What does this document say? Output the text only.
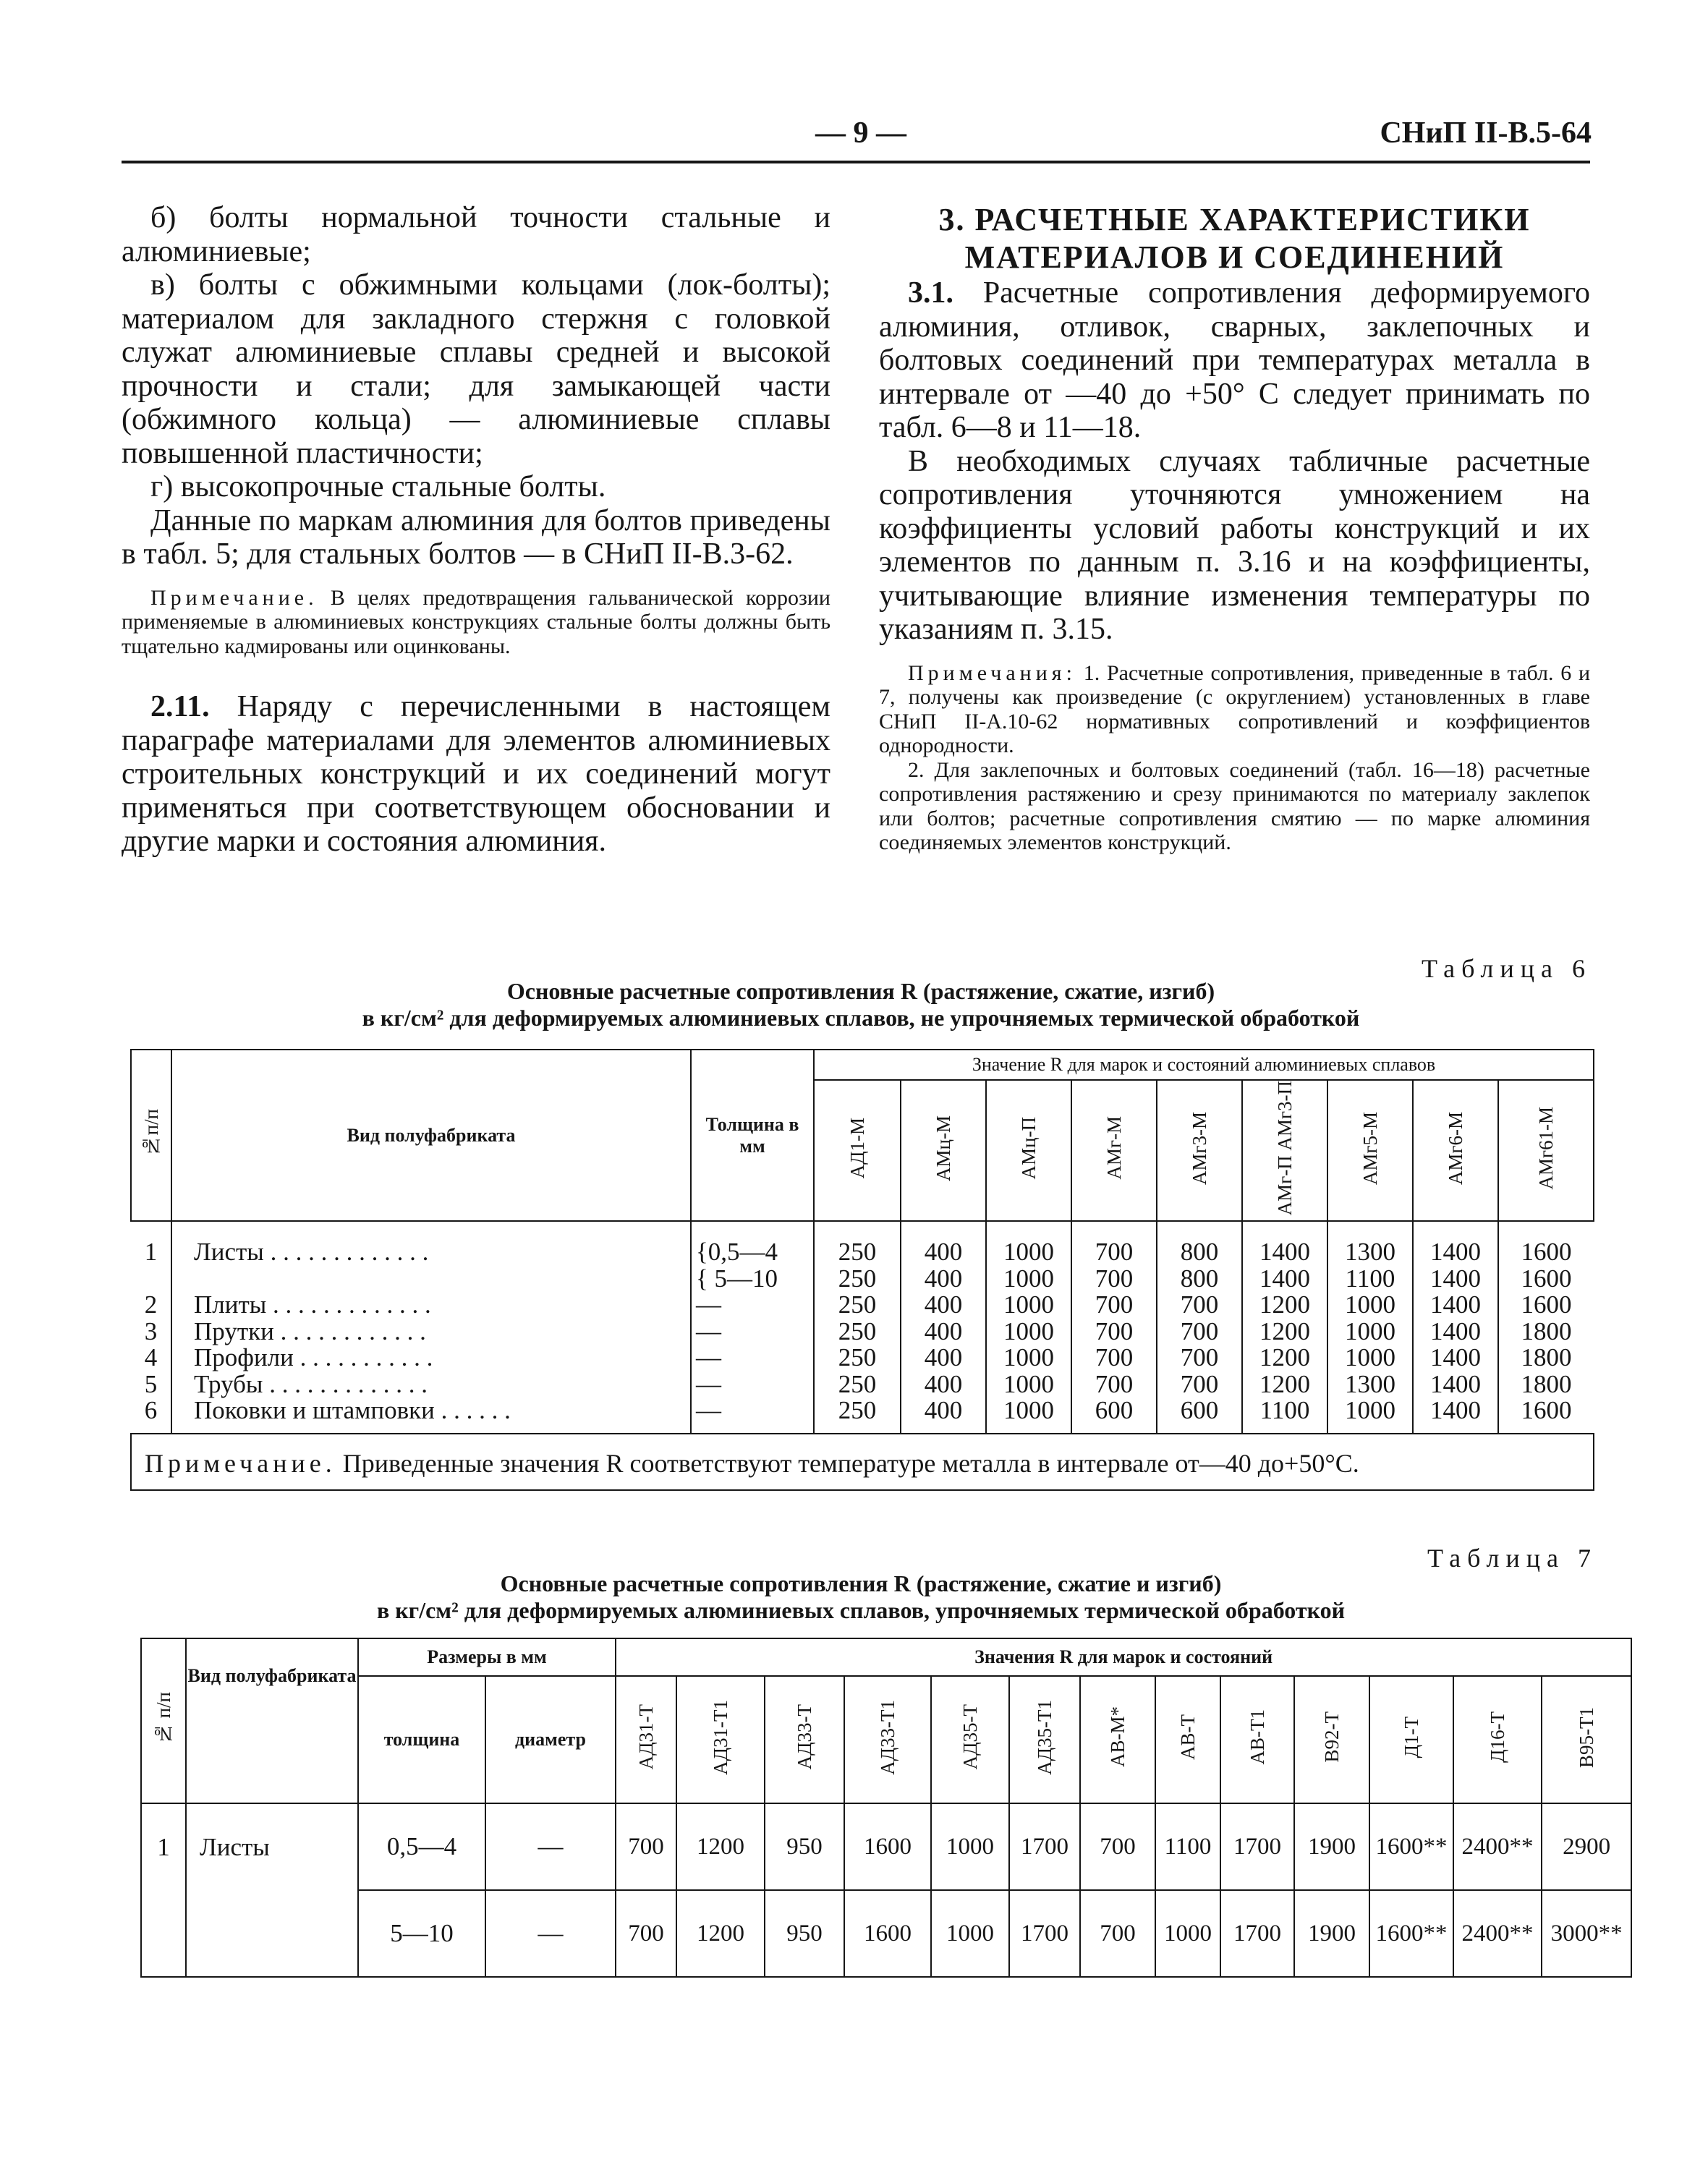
— 9 —	СНиП II-В.5-64

б) болты нормальной точности стальные и алюминиевые;

в) болты с обжимными кольцами (лок-болты); материалом для закладного стержня с головкой служат алюминиевые сплавы средней и высокой прочности и стали; для замыкающей части (обжимного кольца) — алюминиевые сплавы повышенной пластичности;

г) высокопрочные стальные болты.

Данные по маркам алюминия для болтов приведены в табл. 5; для стальных болтов — в СНиП II-В.3-62.

Примечание. В целях предотвращения гальванической коррозии применяемые в алюминиевых конструкциях стальные болты должны быть тщательно кадмированы или оцинкованы.

2.11. Наряду с перечисленными в настоящем параграфе материалами для элементов алюминиевых строительных конструкций и их соединений могут применяться при соответствующем обосновании и другие марки и состояния алюминия.

3. РАСЧЕТНЫЕ ХАРАКТЕРИСТИКИ МАТЕРИАЛОВ И СОЕДИНЕНИЙ

3.1. Расчетные сопротивления деформируемого алюминия, отливок, сварных, заклепочных и болтовых соединений при температурах металла в интервале от —40 до +50° С следует принимать по табл. 6—8 и 11—18.

В необходимых случаях табличные расчетные сопротивления уточняются умножением на коэффициенты условий работы конструкций и их элементов по данным п. 3.16 и на коэффициенты, учитывающие влияние изменения температуры по указаниям п. 3.15.

Примечания: 1. Расчетные сопротивления, приведенные в табл. 6 и 7, получены как произведение (с округлением) установленных в главе СНиП II-А.10-62 нормативных сопротивлений и коэффициентов однородности.

2. Для заклепочных и болтовых соединений (табл. 16—18) расчетные сопротивления растяжению и срезу принимаются по материалу заклепок или болтов; расчетные сопротивления смятию — по марке алюминия соединяемых элементов конструкций.

Таблица 6
Основные расчетные сопротивления R (растяжение, сжатие, изгиб)
в кг/см² для деформируемых алюминиевых сплавов, не упрочняемых термической обработкой
№п/п	Вид полуфабриката	Толщина в мм	Значение R для марок и состояний алюминиевых сплавов								
			АД1-М	АМц-М	АМц-П	АМг-М	АМг3-М	АМг-П АМг3-П	АМг5-М	АМг6-М	АМг61-М
1	Листы . . . . . . . . . . . . .	{0,5—4	250	400	1000	700	800	1400	1300	1400	1600
		{ 5—10	250	400	1000	700	800	1400	1100	1400	1600
2	Плиты . . . . . . . . . . . . .	—	250	400	1000	700	700	1200	1000	1400	1600
3	Прутки . . . . . . . . . . . .	—	250	400	1000	700	700	1200	1000	1400	1800
4	Профили . . . . . . . . . . .	—	250	400	1000	700	700	1200	1000	1400	1800
5	Трубы . . . . . . . . . . . . .	—	250	400	1000	700	700	1200	1300	1400	1800
6	Поковки и штамповки . . . . . .	—	250	400	1000	600	600	1100	1000	1400	1600
Примечание. Приведенные значения R соответствуют температуре металла в интервале от—40 до+50°С.											
Таблица 7
Основные расчетные сопротивления R (растяжение, сжатие и изгиб)
в кг/см² для деформируемых алюминиевых сплавов, упрочняемых термической обработкой
№ п/п	Вид полуфабриката	Размеры в мм		Значения R для марок и состояний												
		толщина	диаметр	АД31-Т	АД31-Т1	АД33-Т	АД33-Т1	АД35-Т	АД35-Т1	АВ-М*	АВ-Т	АВ-Т1	В92-Т	Д1-Т	Д16-Т	В95-Т1
1	Листы	0,5—4	—	700	1200	950	1600	1000	1700	700	1100	1700	1900	1600**	2400**	2900
		5—10	—	700	1200	950	1600	1000	1700	700	1000	1700	1900	1600**	2400**	3000**
